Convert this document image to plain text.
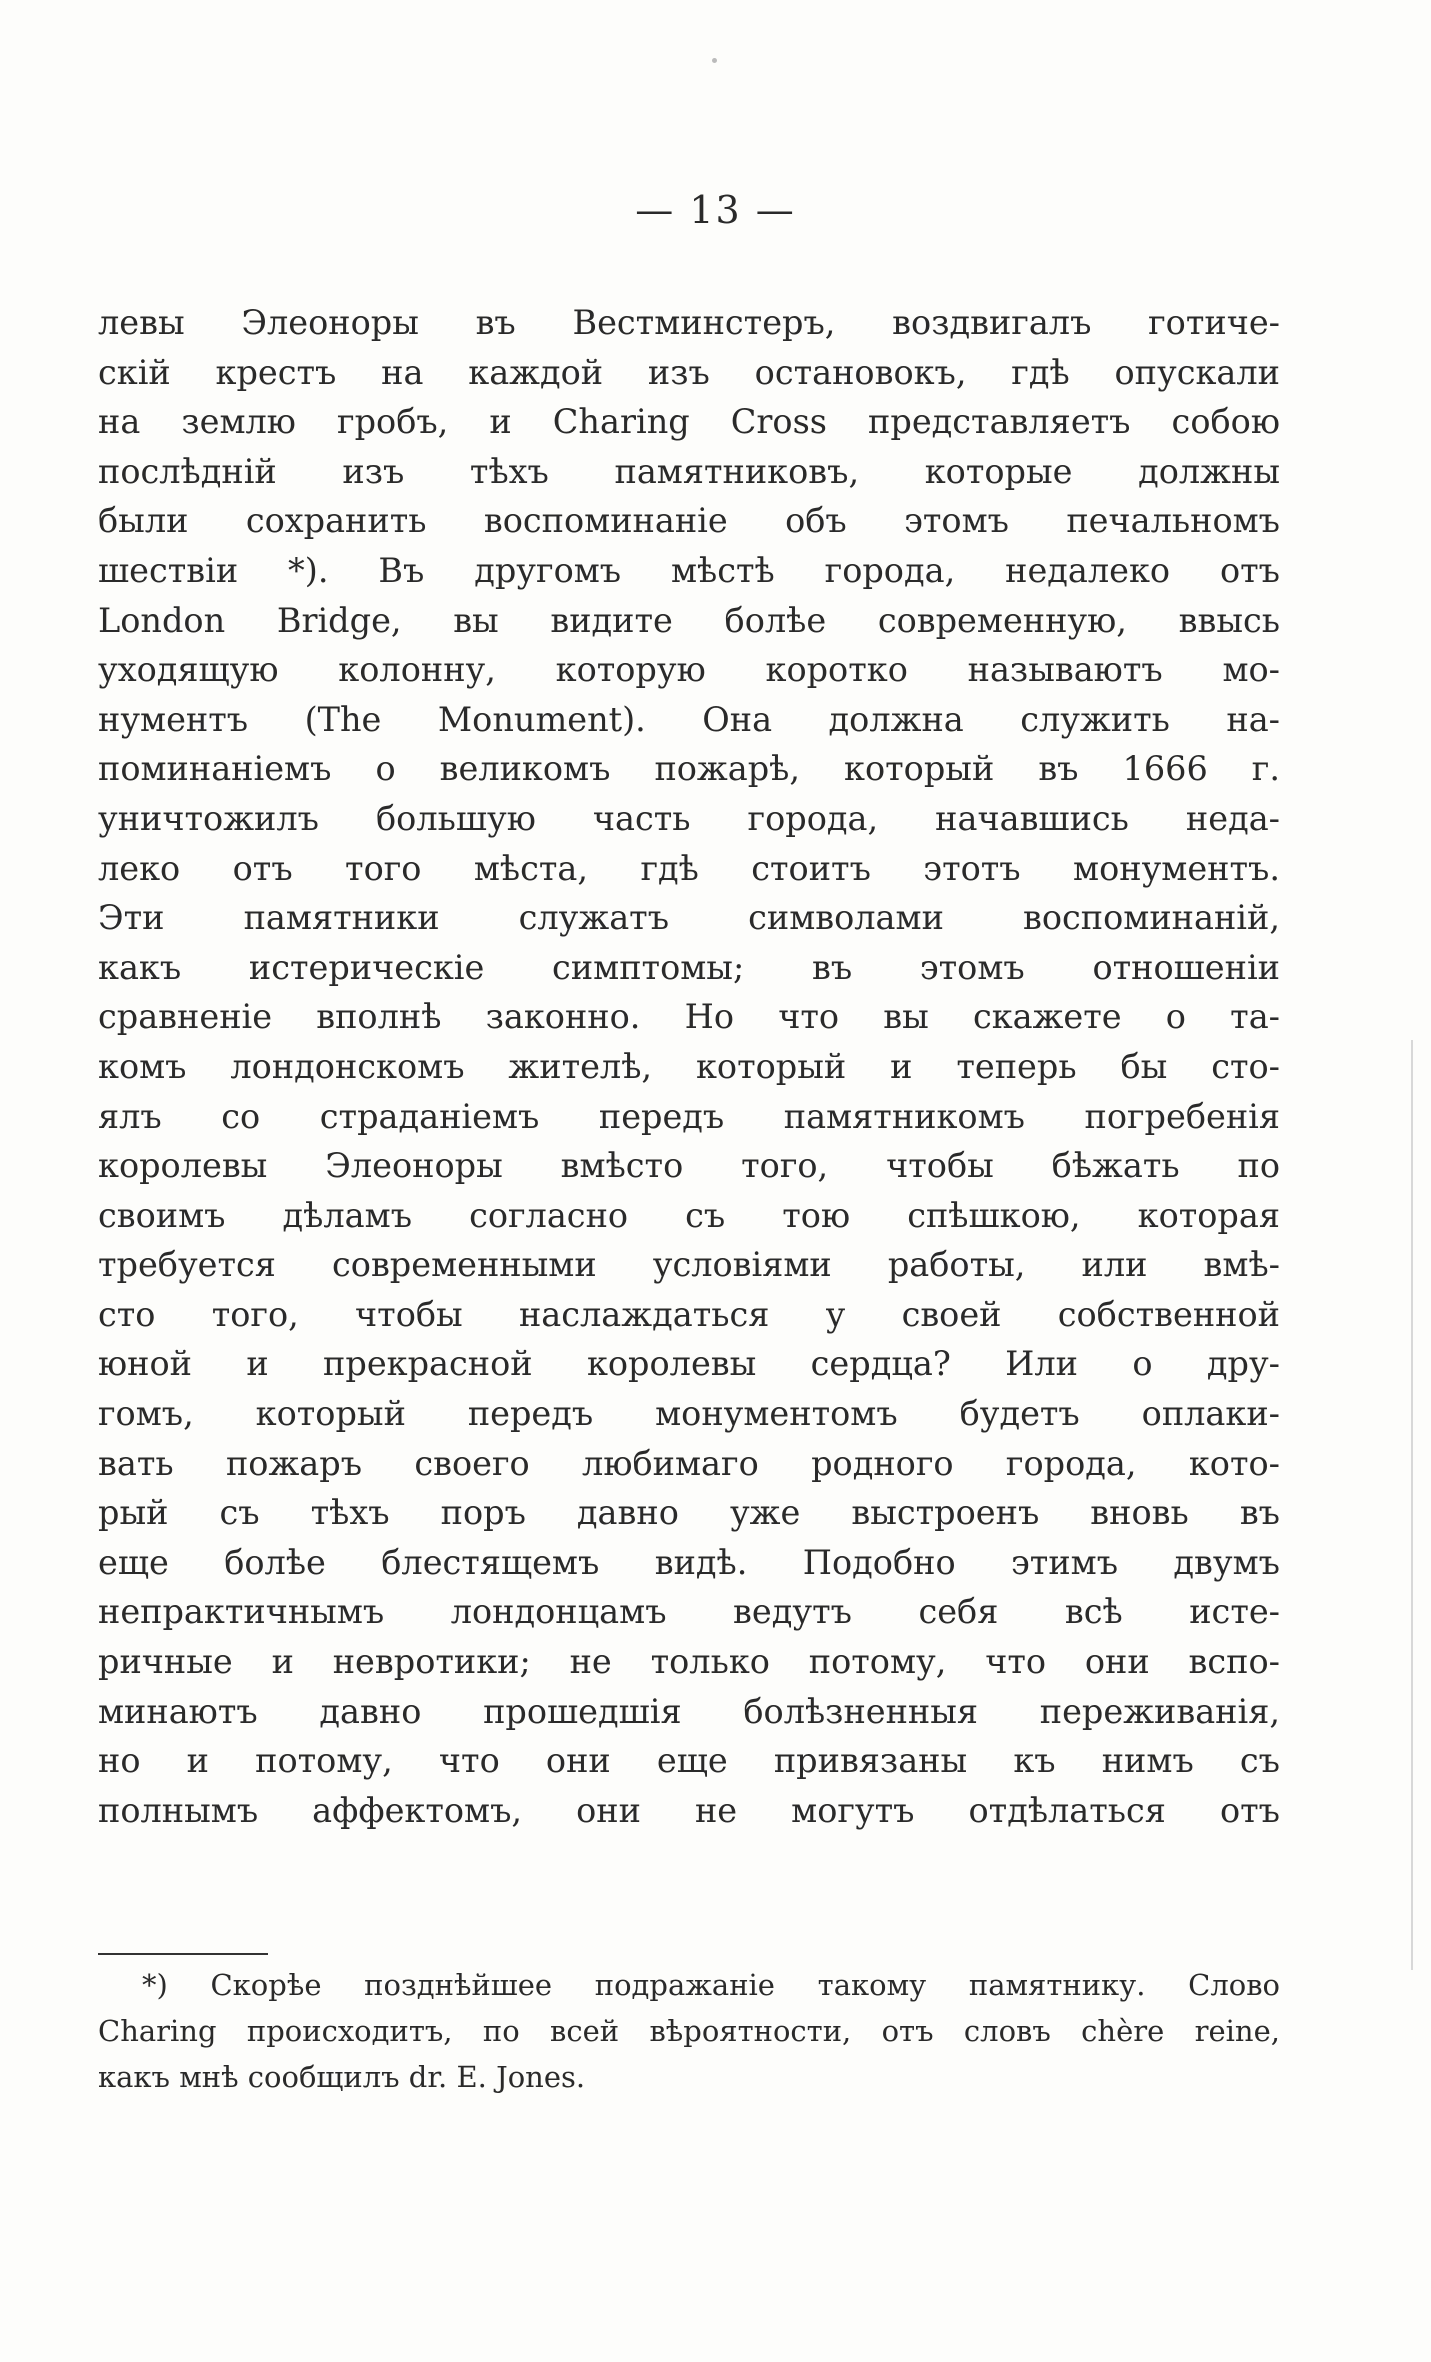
— 13 —
левы Элеоноры въ Вестминстеръ, воздвигалъ готиче-
скій крестъ на каждой изъ остановокъ, гдѣ опускали
на землю гробъ, и Charing Cross представляетъ собою
послѣдній изъ тѣхъ памятниковъ, которые должны
были сохранить воспоминаніе объ этомъ печальномъ
шествіи *). Въ другомъ мѣстѣ города, недалеко отъ
London Bridge, вы видите болѣе современную, ввысь
уходящую колонну, которую коротко называютъ мо-
нументъ (The Monument). Она должна служить на-
поминаніемъ о великомъ пожарѣ, который въ 1666 г.
уничтожилъ большую часть города, начавшись неда-
леко отъ того мѣста, гдѣ стоитъ этотъ монументъ.
Эти памятники служатъ символами воспоминаній,
какъ истерическіе симптомы; въ этомъ отношеніи
сравненіе вполнѣ законно. Но что вы скажете о та-
комъ лондонскомъ жителѣ, который и теперь бы сто-
ялъ со страданіемъ передъ памятникомъ погребенія
королевы Элеоноры вмѣсто того, чтобы бѣжать по
своимъ дѣламъ согласно съ тою спѣшкою, которая
требуется современными условіями работы, или вмѣ-
сто того, чтобы наслаждаться у своей собственной
юной и прекрасной королевы сердца? Или о дру-
гомъ, который передъ монументомъ будетъ оплаки-
вать пожаръ своего любимаго родного города, кото-
рый съ тѣхъ поръ давно уже выстроенъ вновь въ
еще болѣе блестящемъ видѣ. Подобно этимъ двумъ
непрактичнымъ лондонцамъ ведутъ себя всѣ исте-
ричные и невротики; не только потому, что они вспо-
минаютъ давно прошедшія болѣзненныя переживанія,
но и потому, что они еще привязаны къ нимъ съ
полнымъ аффектомъ, они не могутъ отдѣлаться отъ
*) Скорѣе позднѣйшее подражаніе такому памятнику. Слово
Charing происходитъ, по всей вѣроятности, отъ словъ chère reine,
какъ мнѣ сообщилъ dr. E. Jones.
